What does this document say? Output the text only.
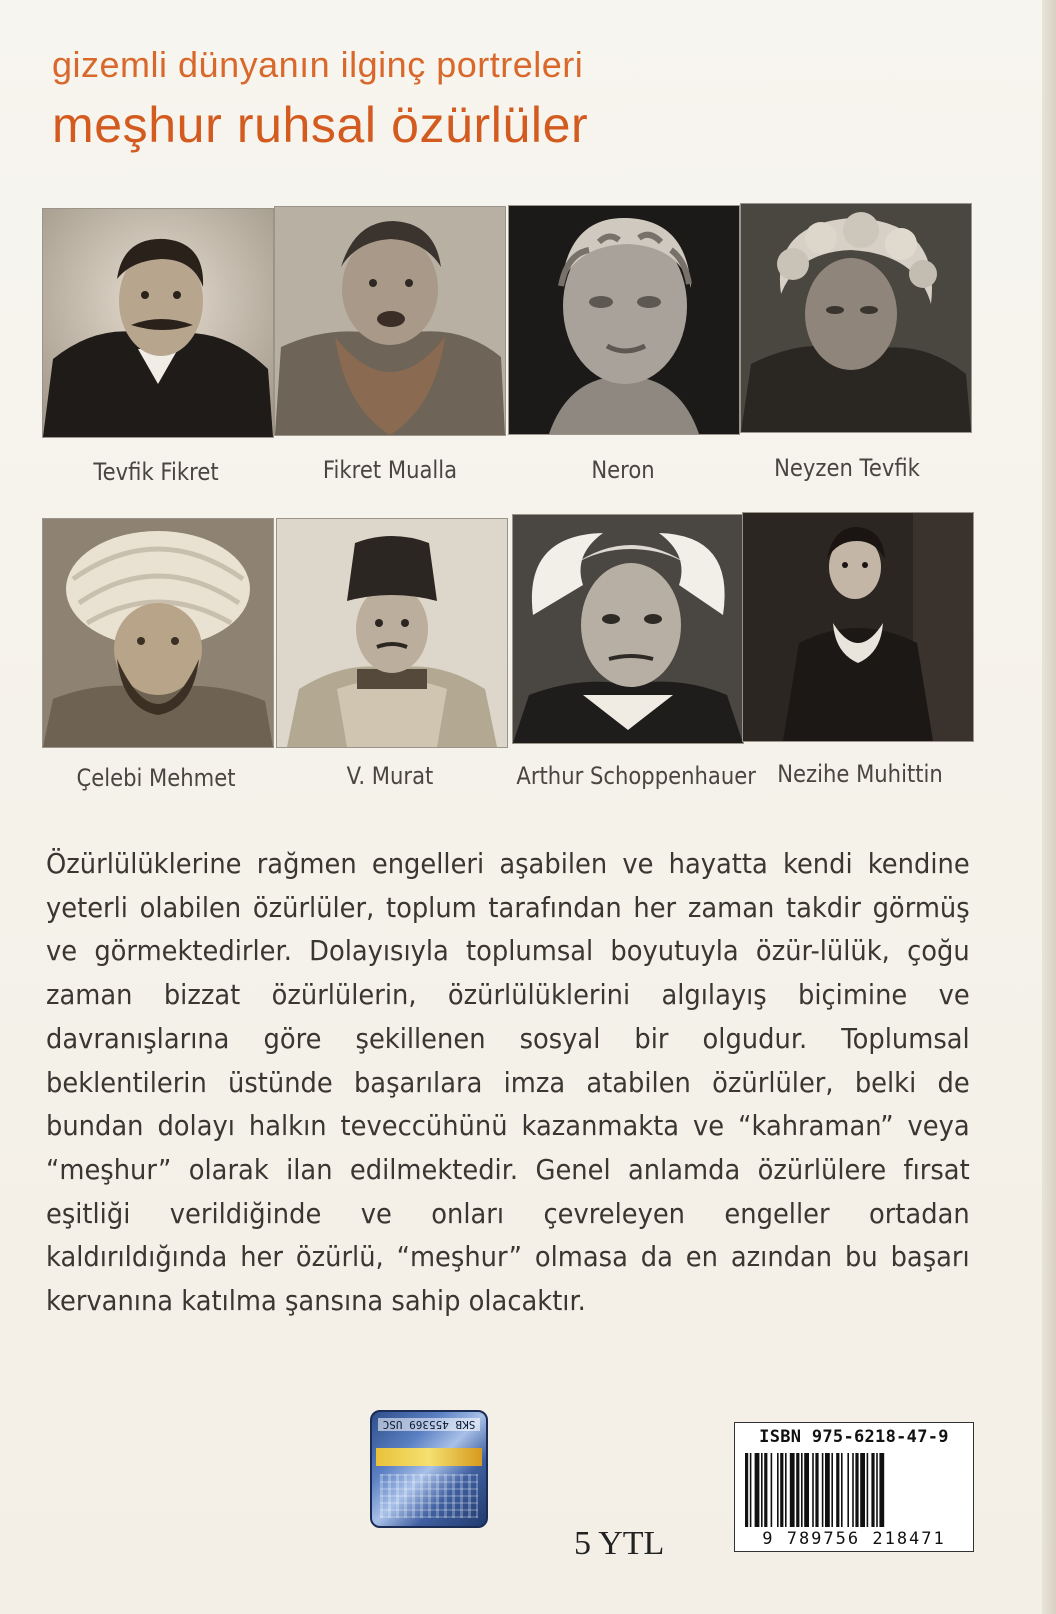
gizemli dünyanın ilginç portreleri
meşhur ruhsal özürlüler
Tevfik Fikret	Fikret Mualla	Neron	Neyzen Tevfik
Çelebi Mehmet	V. Murat	Arthur Schoppenhauer Nezihe Muhittin
Özürlülüklerine rağmen engelleri aşabilen ve hayatta kendi kendine yeterli olabilen özürlüler, toplum tarafından her zaman takdir görmüş ve görmektedirler. Dolayısıyla toplumsal boyutuyla özür-lülük, çoğu zaman bizzat özürlülerin, özürlülüklerini algılayış biçimine ve davranışlarına göre şekillenen sosyal bir olgudur. Toplumsal beklentilerin üstünde başarılara imza atabilen özürlüler, belki de bundan dolayı halkın teveccühünü kazanmakta ve “kahraman” veya “meşhur” olarak ilan edilmektedir. Genel anlamda özürlülere fırsat eşitliği verildiğinde ve onları çevreleyen engeller ortadan kaldırıldığında her özürlü, “meşhur” olmasa da en azından bu başarı kervanına katılma şansına sahip olacaktır.
SKB 455369 USC
5 YTL
ISBN 975-6218-47-9
9 789756 218471
